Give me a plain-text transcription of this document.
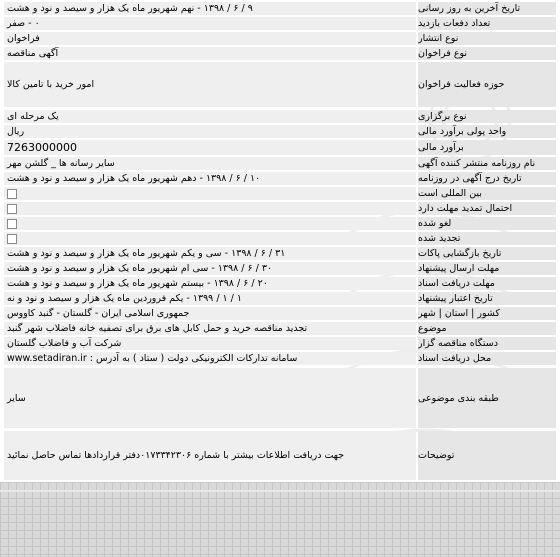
تاریخ آخرین به روز رسانی
۹ / ۶ / ۱۳۹۸ - نهم شهریور ماه یک هزار و سیصد و نود و هشت
تعداد دفعات بازدید
۰ - صفر
نوع انتشار
فراخوان
نوع فراخوان
آگهی مناقصه
حوزه فعالیت فراخوان
امور خرید با تامین کالا
نوع برگزاری
یک مرحله ای
واحد پولی برآورد مالی
ریال
برآورد مالی
7263000000
نام روزنامه منتشر کننده آگهی
سایر رسانه ها _ گلشن مهر
تاریخ درج آگهی در روزنامه
۱۰ / ۶ / ۱۳۹۸ - دهم شهریور ماه یک هزار و سیصد و نود و هشت
بین المللی است
احتمال تمدید مهلت دارد
لغو شده
تجدید شده
تاریخ بازگشایی پاکات
۳۱ / ۶ / ۱۳۹۸ - سی و یکم شهریور ماه یک هزار و سیصد و نود و هشت
مهلت ارسال پیشنهاد
۳۰ / ۶ / ۱۳۹۸ - سی ام شهریور ماه یک هزار و سیصد و نود و هشت
مهلت دریافت اسناد
۲۰ / ۶ / ۱۳۹۸ - بیستم شهریور ماه یک هزار و سیصد و نود و هشت
تاریخ اعتبار پیشنهاد
۱ / ۱ / ۱۳۹۹ - یکم فروردین ماه یک هزار و سیصد و نود و نه
کشور | استان | شهر
جمهوری اسلامی ایران - گلستان - گنبد کاووس
موضوع
تجدید مناقصه خرید و حمل کابل های برق برای تصفیه خانه فاضلاب شهر گنبد
دستگاه مناقصه گزار
شرکت آب و فاضلاب گلستان
محل دریافت اسناد
سامانه تدارکات الکترونیکی دولت ( ستاد ) به آدرس : www.setadiran.ir
طبقه بندی موضوعی
سایر
توضیحات
جهت دریافت اطلاعات بیشتر با شماره ۰۱۷۳۳۴۲۳۰۶دفتر قراردادها تماس حاصل نمائید
